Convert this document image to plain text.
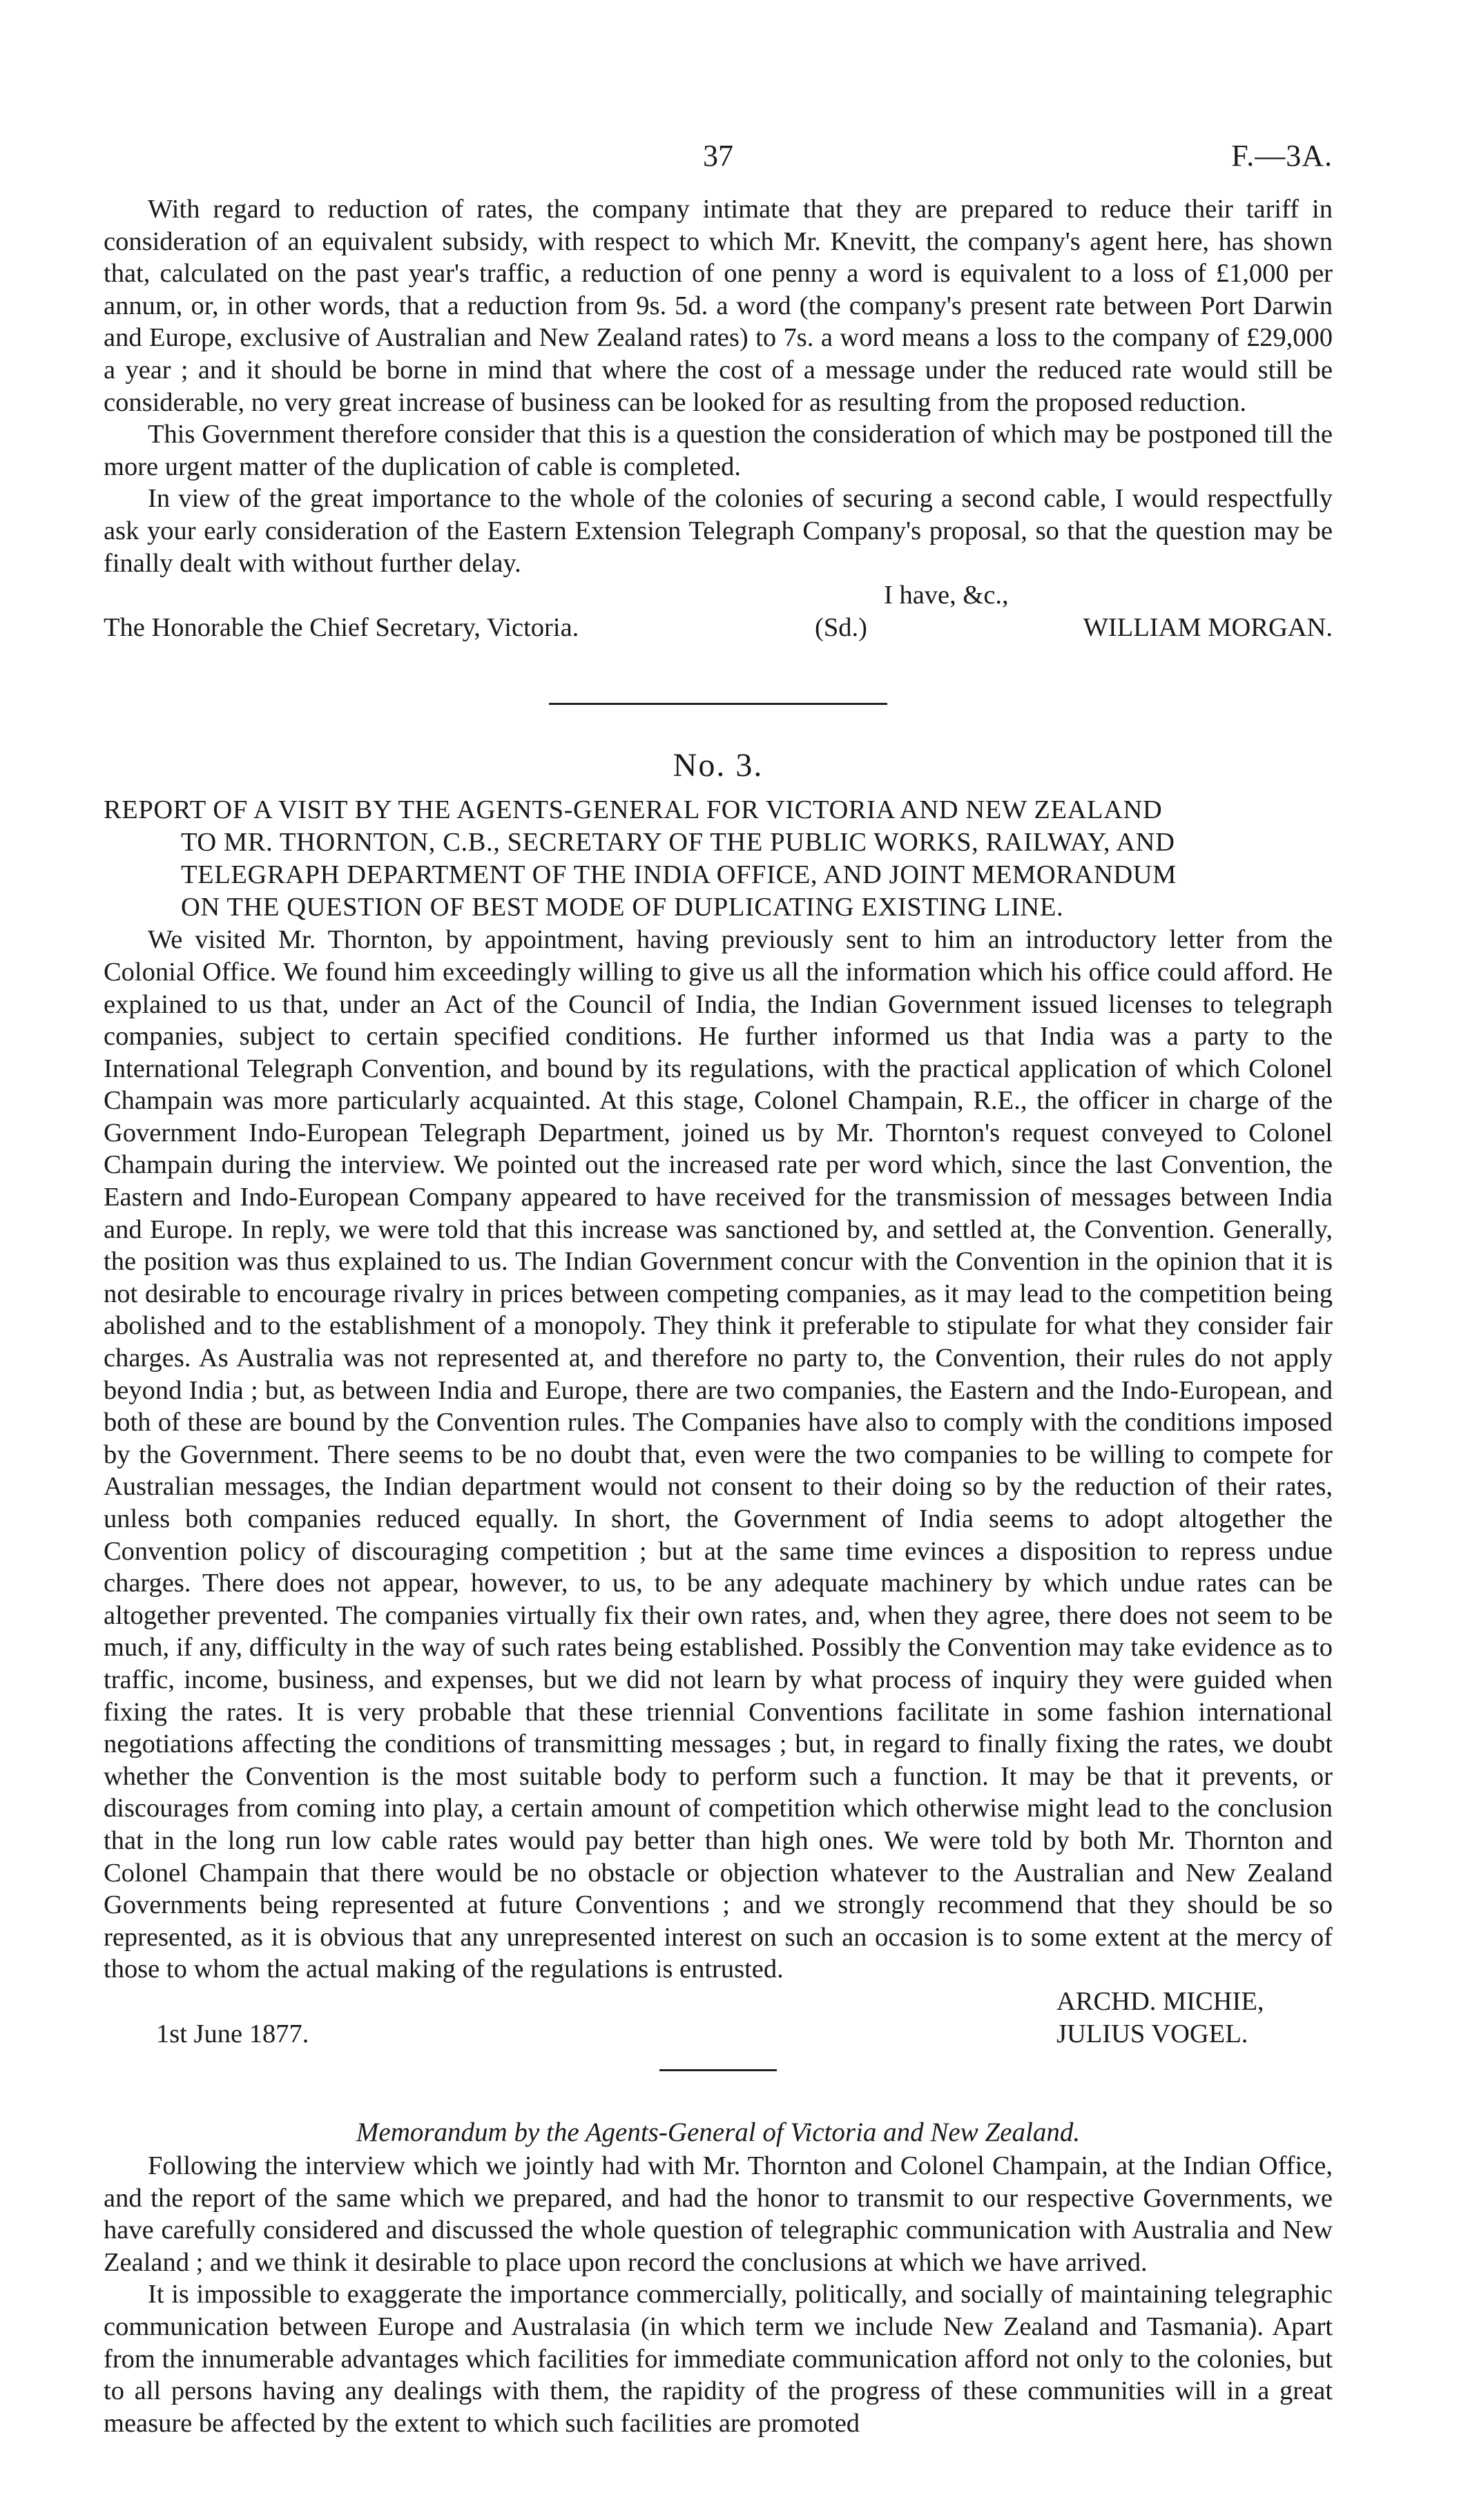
37	F.—3A.

With regard to reduction of rates, the company intimate that they are prepared to reduce their tariff in consideration of an equivalent subsidy, with respect to which Mr. Knevitt, the company's agent here, has shown that, calculated on the past year's traffic, a reduction of one penny a word is equivalent to a loss of £1,000 per annum, or, in other words, that a reduction from 9s. 5d. a word (the company's present rate between Port Darwin and Europe, exclusive of Australian and New Zealand rates) to 7s. a word means a loss to the company of £29,000 a year ; and it should be borne in mind that where the cost of a message under the reduced rate would still be considerable, no very great increase of business can be looked for as resulting from the proposed reduction.

This Government therefore consider that this is a question the consideration of which may be postponed till the more urgent matter of the duplication of cable is completed.

In view of the great importance to the whole of the colonies of securing a second cable, I would respectfully ask your early consideration of the Eastern Extension Telegraph Company's proposal, so that the question may be finally dealt with without further delay.

I have, &c.,
The Honorable the Chief Secretary, Victoria.	(Sd.)	WILLIAM MORGAN.
No. 3.
REPORT OF A VISIT BY THE AGENTS-GENERAL FOR VICTORIA AND NEW ZEALAND
TO MR. THORNTON, C.B., SECRETARY OF THE PUBLIC WORKS, RAILWAY, AND
TELEGRAPH DEPARTMENT OF THE INDIA OFFICE, AND JOINT MEMORANDUM
ON THE QUESTION OF BEST MODE OF DUPLICATING EXISTING LINE.

We visited Mr. Thornton, by appointment, having previously sent to him an introductory letter from the Colonial Office. We found him exceedingly willing to give us all the information which his office could afford. He explained to us that, under an Act of the Council of India, the Indian Government issued licenses to telegraph companies, subject to certain specified conditions. He further informed us that India was a party to the International Telegraph Convention, and bound by its regulations, with the practical application of which Colonel Champain was more particularly acquainted. At this stage, Colonel Champain, R.E., the officer in charge of the Government Indo-European Telegraph Department, joined us by Mr. Thornton's request conveyed to Colonel Champain during the interview. We pointed out the increased rate per word which, since the last Convention, the Eastern and Indo-European Company appeared to have received for the transmission of messages between India and Europe. In reply, we were told that this increase was sanctioned by, and settled at, the Convention. Generally, the position was thus explained to us. The Indian Government concur with the Convention in the opinion that it is not desirable to encourage rivalry in prices between competing companies, as it may lead to the competition being abolished and to the establishment of a monopoly. They think it preferable to stipulate for what they consider fair charges. As Australia was not represented at, and therefore no party to, the Convention, their rules do not apply beyond India ; but, as between India and Europe, there are two companies, the Eastern and the Indo-European, and both of these are bound by the Convention rules. The Companies have also to comply with the conditions imposed by the Government. There seems to be no doubt that, even were the two companies to be willing to compete for Australian messages, the Indian department would not consent to their doing so by the reduction of their rates, unless both companies reduced equally. In short, the Government of India seems to adopt altogether the Convention policy of discouraging competition ; but at the same time evinces a disposition to repress undue charges. There does not appear, however, to us, to be any adequate machinery by which undue rates can be altogether prevented. The companies virtually fix their own rates, and, when they agree, there does not seem to be much, if any, difficulty in the way of such rates being established. Possibly the Convention may take evidence as to traffic, income, business, and expenses, but we did not learn by what process of inquiry they were guided when fixing the rates. It is very probable that these triennial Conventions facilitate in some fashion international negotiations affecting the conditions of transmitting messages ; but, in regard to finally fixing the rates, we doubt whether the Convention is the most suitable body to perform such a function. It may be that it prevents, or discourages from coming into play, a certain amount of competition which otherwise might lead to the conclusion that in the long run low cable rates would pay better than high ones. We were told by both Mr. Thornton and Colonel Champain that there would be no obstacle or objection whatever to the Australian and New Zealand Governments being represented at future Conventions ; and we strongly recommend that they should be so represented, as it is obvious that any unrepresented interest on such an occasion is to some extent at the mercy of those to whom the actual making of the regulations is entrusted.

ARCHD. MICHIE,
1st June 1877.	JULIUS VOGEL.
Memorandum by the Agents-General of Victoria and New Zealand.

Following the interview which we jointly had with Mr. Thornton and Colonel Champain, at the Indian Office, and the report of the same which we prepared, and had the honor to transmit to our respective Governments, we have carefully considered and discussed the whole question of telegraphic communication with Australia and New Zealand ; and we think it desirable to place upon record the conclusions at which we have arrived.

It is impossible to exaggerate the importance commercially, politically, and socially of maintaining telegraphic communication between Europe and Australasia (in which term we include New Zealand and Tasmania). Apart from the innumerable advantages which facilities for immediate communication afford not only to the colonies, but to all persons having any dealings with them, the rapidity of the progress of these communities will in a great measure be affected by the extent to which such facilities are promoted
